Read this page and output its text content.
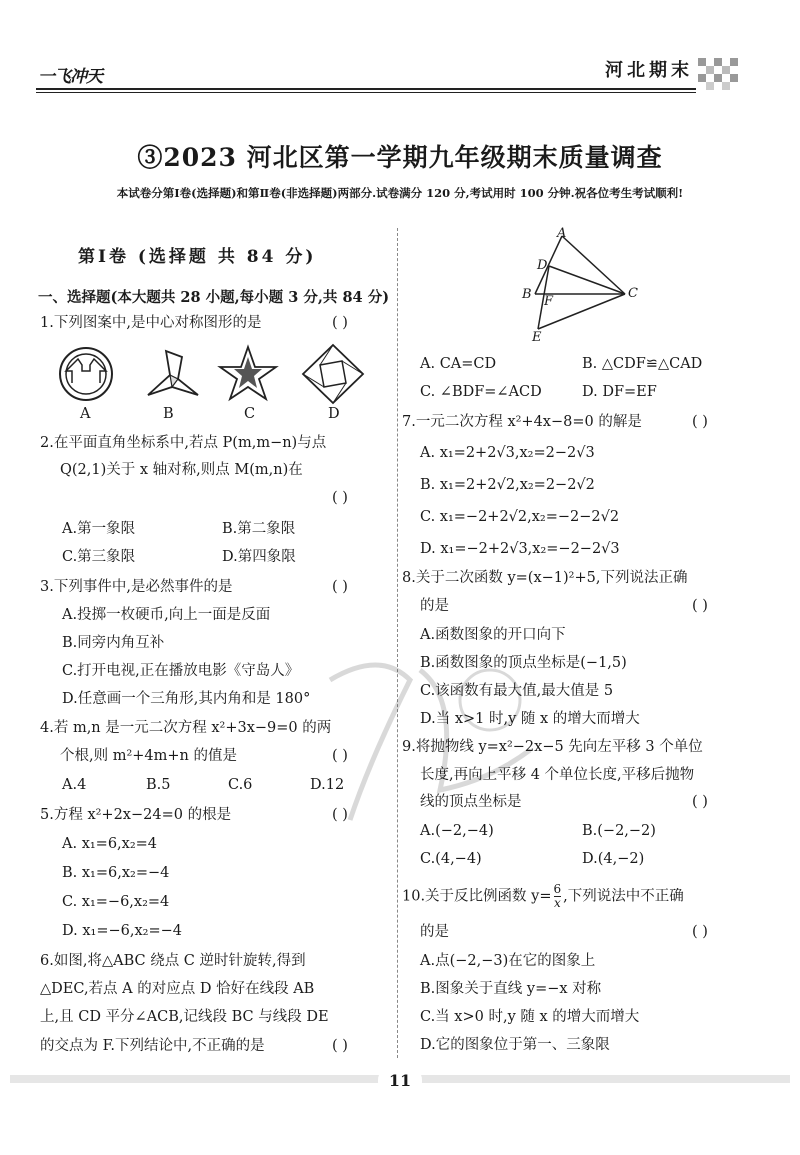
一飞冲天	河北期末
③2023 河北区第一学期九年级期末质量调查
本试卷分第Ⅰ卷(选择题)和第Ⅱ卷(非选择题)两部分.试卷满分 120 分,考试用时 100 分钟.祝各位考生考试顺利!
第Ⅰ卷 (选择题 共 84 分)
一、选择题(本大题共 28 小题,每小题 3 分,共 84 分)
1.下列图案中,是中心对称图形的是	( )
A	B	C	D
2.在平面直角坐标系中,若点 P(m,m−n)与点
Q(2,1)关于 x 轴对称,则点 M(m,n)在
( )
A.第一象限	B.第二象限
C.第三象限	D.第四象限
3.下列事件中,是必然事件的是	( )
A.投掷一枚硬币,向上一面是反面
B.同旁内角互补
C.打开电视,正在播放电影《守岛人》
D.任意画一个三角形,其内角和是 180°
4.若 m,n 是一元二次方程 x²+3x−9=0 的两
个根,则 m²+4m+n 的值是	( )
A.4	B.5	C.6	D.12
5.方程 x²+2x−24=0 的根是	( )
A. x₁=6,x₂=4
B. x₁=6,x₂=−4
C. x₁=−6,x₂=4
D. x₁=−6,x₂=−4
6.如图,将△ABC 绕点 C 逆时针旋转,得到
△DEC,若点 A 的对应点 D 恰好在线段 AB
上,且 CD 平分∠ACB,记线段 BC 与线段 DE
的交点为 F.下列结论中,不正确的是	( )
A
D
B F
C
E
A. CA=CD	B. △CDF≌△CAD
C. ∠BDF=∠ACD	D. DF=EF
7.一元二次方程 x²+4x−8=0 的解是	( )
A. x₁=2+2√3,x₂=2−2√3
B. x₁=2+2√2,x₂=2−2√2
C. x₁=−2+2√2,x₂=−2−2√2
D. x₁=−2+2√3,x₂=−2−2√3
8.关于二次函数 y=(x−1)²+5,下列说法正确
的是	( )
A.函数图象的开口向下
B.函数图象的顶点坐标是(−1,5)
C.该函数有最大值,最大值是 5
D.当 x>1 时,y 随 x 的增大而增大
9.将抛物线 y=x²−2x−5 先向左平移 3 个单位
长度,再向上平移 4 个单位长度,平移后抛物
线的顶点坐标是	( )
A.(−2,−4)	B.(−2,−2)
C.(4,−4)	D.(4,−2)
10.关于反比例函数 $y= \frac{6}{x}$ ,下列说法中不正确
的是	( )
A.点(−2,−3)在它的图象上
B.图象关于直线 y=−x 对称
C.当 x>0 时,y 随 x 的增大而增大
D.它的图象位于第一、三象限
11
